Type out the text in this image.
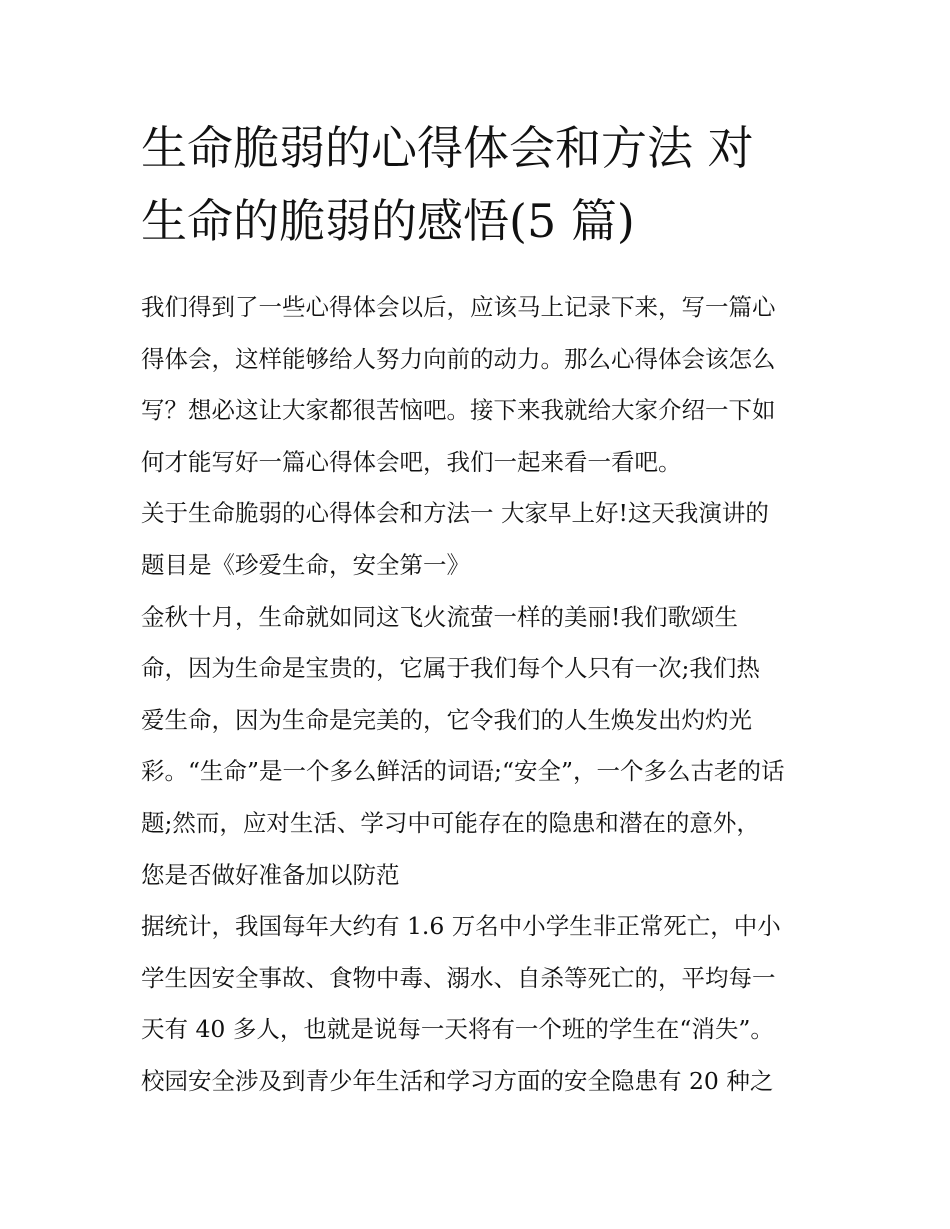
生命脆弱的心得体会和方法 对
生命的脆弱的感悟(5 篇)
我们得到了一些心得体会以后，应该马上记录下来，写一篇心
得体会，这样能够给人努力向前的动力。那么心得体会该怎么
写？想必这让大家都很苦恼吧。接下来我就给大家介绍一下如
何才能写好一篇心得体会吧，我们一起来看一看吧。
关于生命脆弱的心得体会和方法一 大家早上好!这天我演讲的
题目是《珍爱生命，安全第一》
金秋十月，生命就如同这飞火流萤一样的美丽!我们歌颂生
命，因为生命是宝贵的，它属于我们每个人只有一次;我们热
爱生命，因为生命是完美的，它令我们的人生焕发出灼灼光
彩。“生命”是一个多么鲜活的词语;“安全”，一个多么古老的话
题;然而，应对生活、学习中可能存在的隐患和潜在的意外，
您是否做好准备加以防范
据统计，我国每年大约有 1.6 万名中小学生非正常死亡，中小
学生因安全事故、食物中毒、溺水、自杀等死亡的，平均每一
天有 40 多人，也就是说每一天将有一个班的学生在“消失”。
校园安全涉及到青少年生活和学习方面的安全隐患有 20 种之
